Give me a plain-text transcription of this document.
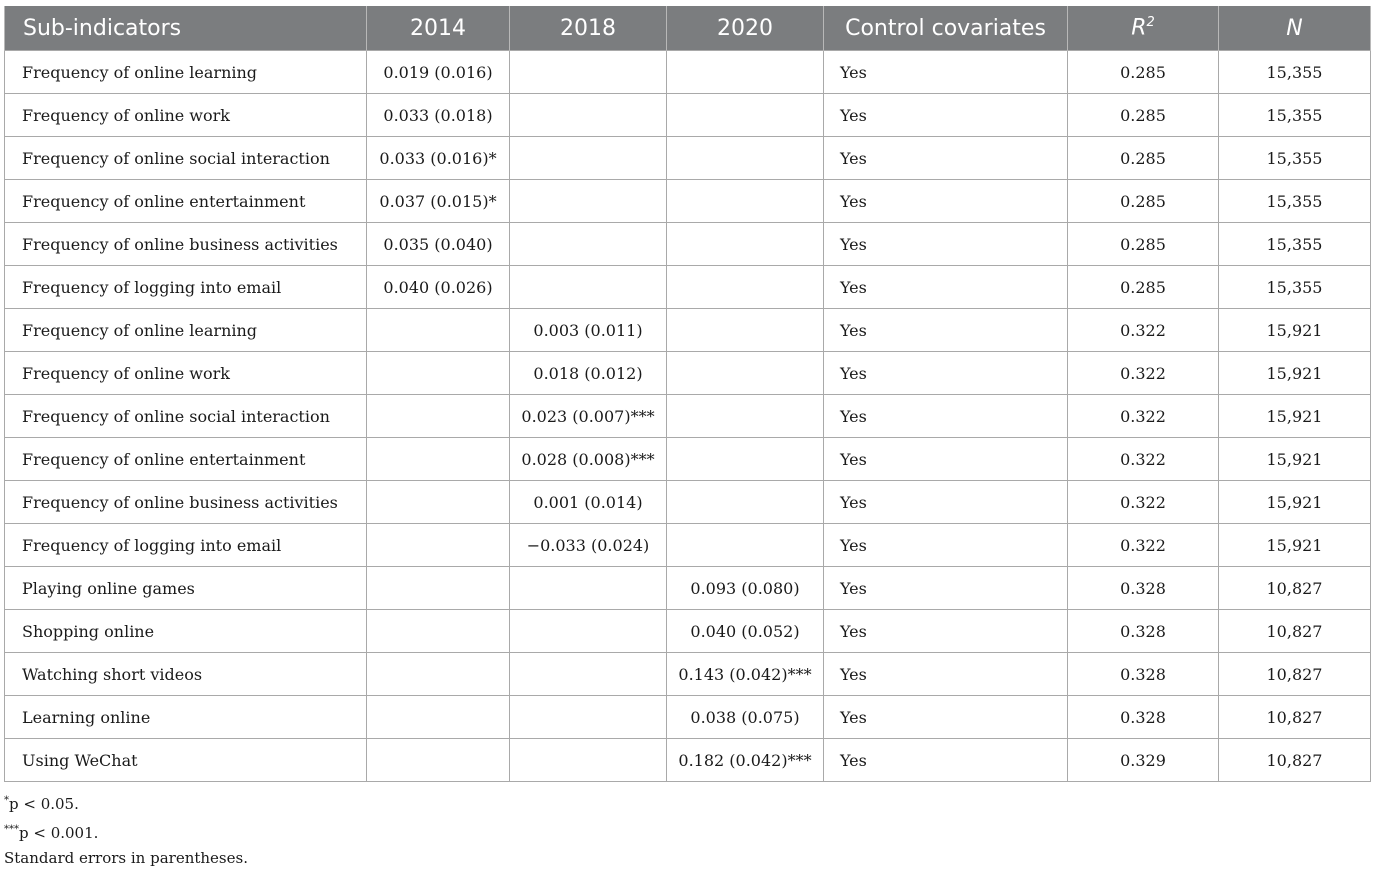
Sub-indicators	2014	2018	2020	Control covariates	$R^2$	N
Frequency of online learning	0.019 (0.016)			Yes	0.285	15,355
Frequency of online work	0.033 (0.018)			Yes	0.285	15,355
Frequency of online social interaction	0.033 (0.016)*			Yes	0.285	15,355
Frequency of online entertainment	0.037 (0.015)*			Yes	0.285	15,355
Frequency of online business activities	0.035 (0.040)			Yes	0.285	15,355
Frequency of logging into email	0.040 (0.026)			Yes	0.285	15,355
Frequency of online learning		0.003 (0.011)		Yes	0.322	15,921
Frequency of online work		0.018 (0.012)		Yes	0.322	15,921
Frequency of online social interaction		0.023 (0.007)***		Yes	0.322	15,921
Frequency of online entertainment		0.028 (0.008)***		Yes	0.322	15,921
Frequency of online business activities		0.001 (0.014)		Yes	0.322	15,921
Frequency of logging into email		−0.033 (0.024)		Yes	0.322	15,921
Playing online games			0.093 (0.080)	Yes	0.328	10,827
Shopping online			0.040 (0.052)	Yes	0.328	10,827
Watching short videos			0.143 (0.042)***	Yes	0.328	10,827
Learning online			0.038 (0.075)	Yes	0.328	10,827
Using WeChat			0.182 (0.042)***	Yes	0.329	10,827
*p < 0.05.
***p < 0.001.
Standard errors in parentheses.
